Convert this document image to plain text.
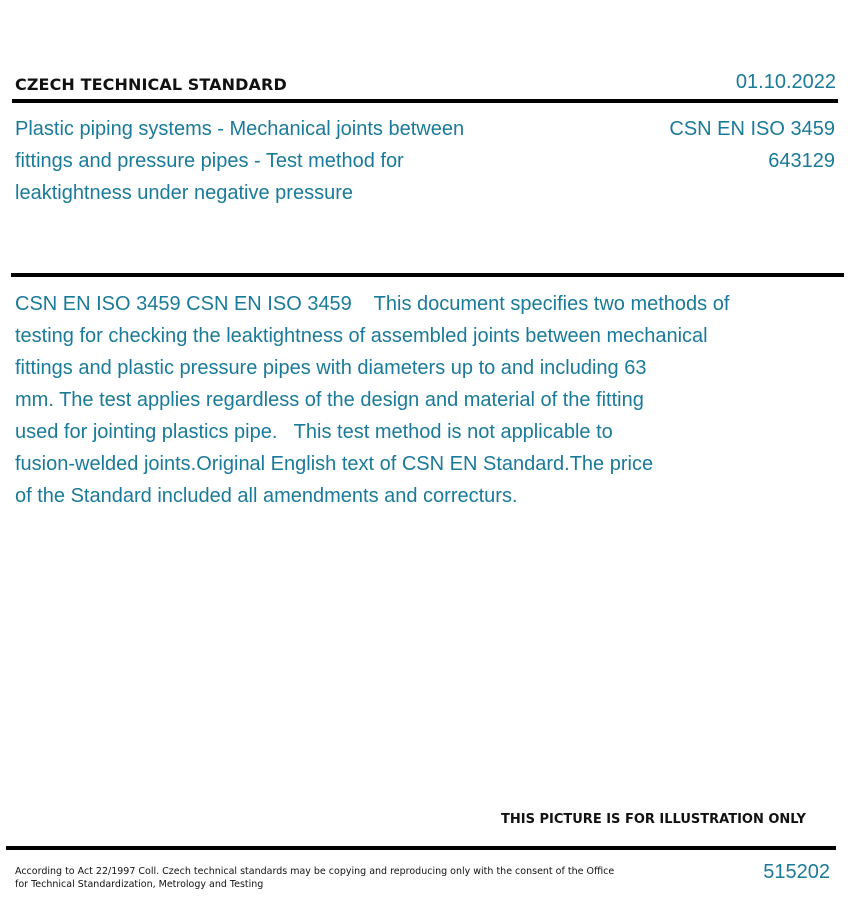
CZECH TECHNICAL STANDARD	01.10.2022
Plastic piping systems - Mechanical joints between
fittings and pressure pipes - Test method for
leaktightness under negative pressure
CSN EN ISO 3459
643129
CSN EN ISO 3459 CSN EN ISO 3459    This document specifies two methods of
testing for checking the leaktightness of assembled joints between mechanical
fittings and plastic pressure pipes with diameters up to and including 63
mm. The test applies regardless of the design and material of the fitting
used for jointing plastics pipe.   This test method is not applicable to
fusion-welded joints.Original English text of CSN EN Standard.The price
of the Standard included all amendments and correcturs.
THIS PICTURE IS FOR ILLUSTRATION ONLY
According to Act 22/1997 Coll. Czech technical standards may be copying and reproducing only with the consent of the Office
for Technical Standardization, Metrology and Testing
515202
